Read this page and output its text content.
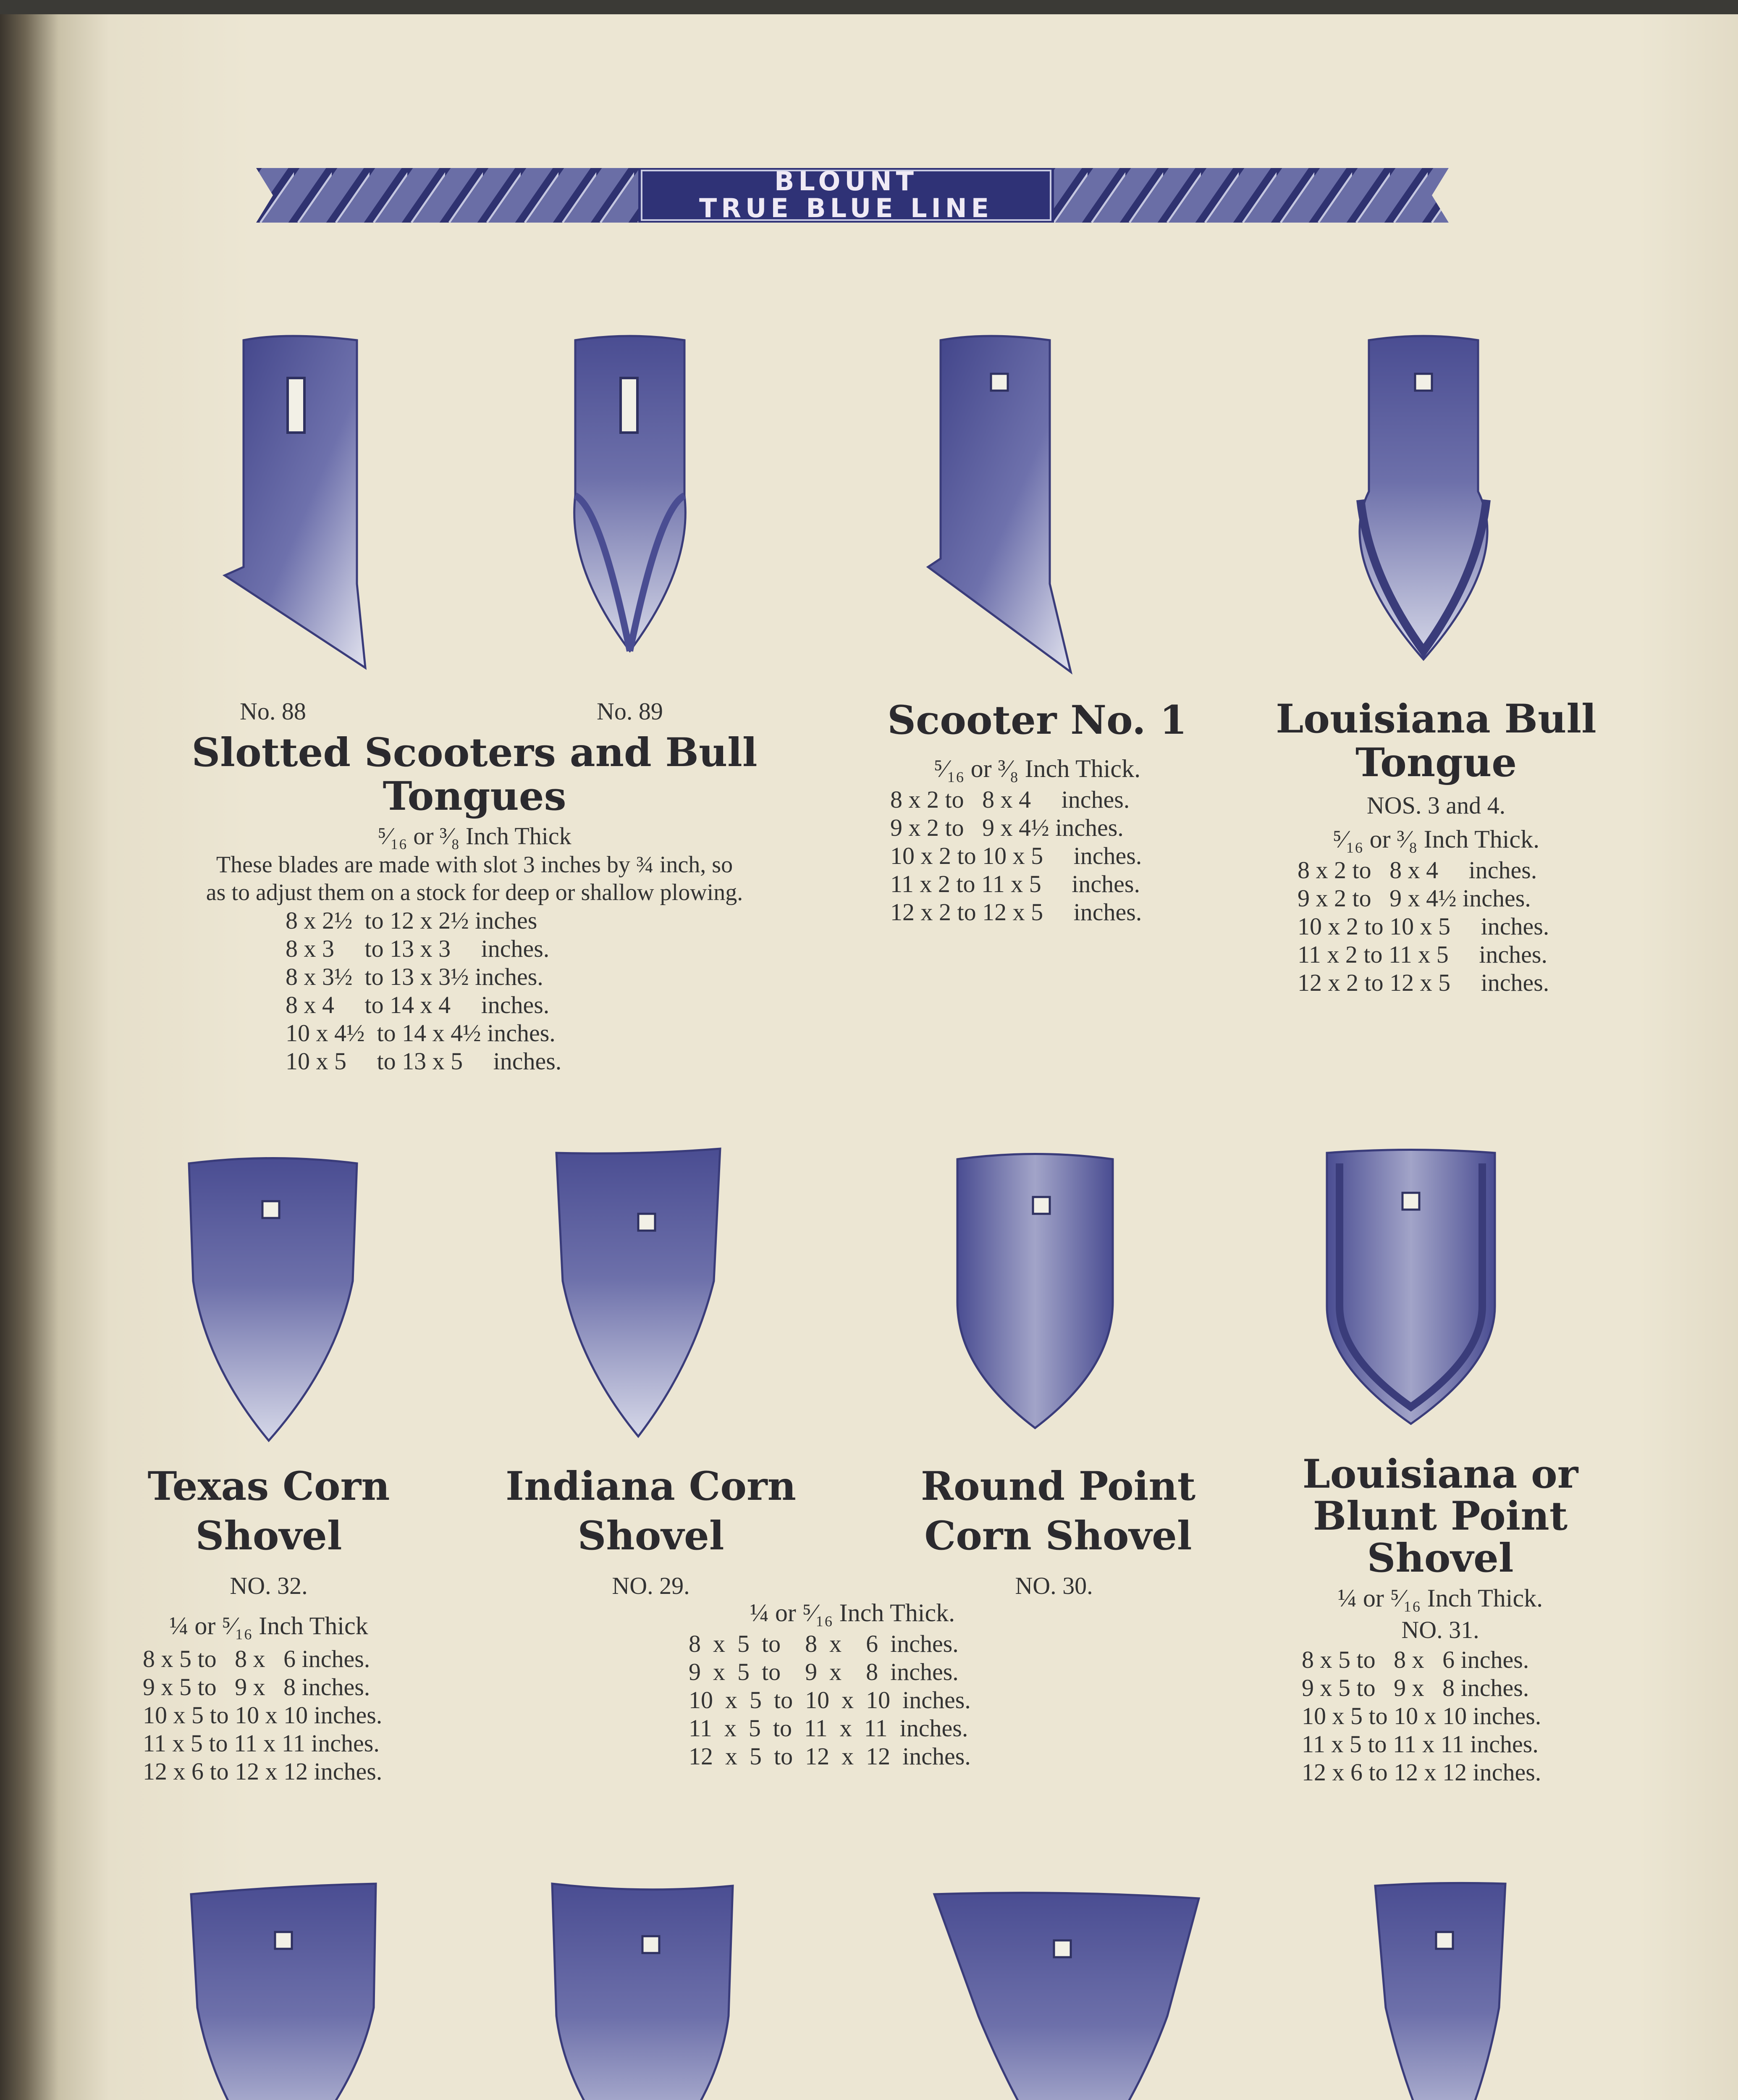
BLOUNT
TRUE BLUE LINE
No. 88	No. 89
Slotted Scooters and Bull
Tongues
⁵⁄₁₆ or ³⁄₈ Inch Thick
These blades are made with slot 3 inches by ¾ inch, so
as to adjust them on a stock for deep or shallow plowing.
8 x 2½  to 12 x 2½ inches
8 x 3     to 13 x 3     inches.
8 x 3½  to 13 x 3½ inches.
8 x 4     to 14 x 4     inches.
10 x 4½  to 14 x 4½ inches.
10 x 5     to 13 x 5     inches.
Scooter No. 1
⁵⁄₁₆ or ³⁄₈ Inch Thick.
8 x 2 to   8 x 4     inches.
9 x 2 to   9 x 4½ inches.
10 x 2 to 10 x 5     inches.
11 x 2 to 11 x 5     inches.
12 x 2 to 12 x 5     inches.
Louisiana Bull
Tongue
NOS. 3 and 4.
⁵⁄₁₆ or ³⁄₈ Inch Thick.
8 x 2 to   8 x 4     inches.
9 x 2 to   9 x 4½ inches.
10 x 2 to 10 x 5     inches.
11 x 2 to 11 x 5     inches.
12 x 2 to 12 x 5     inches.
Texas Corn
Shovel
NO. 32.
¼ or ⁵⁄₁₆ Inch Thick
8 x 5 to   8 x   6 inches.
9 x 5 to   9 x   8 inches.
10 x 5 to 10 x 10 inches.
11 x 5 to 11 x 11 inches.
12 x 6 to 12 x 12 inches.
Indiana Corn
Shovel
NO. 29.
Round Point
Corn Shovel
NO. 30.
¼ or ⁵⁄₁₆ Inch Thick.
8  x  5  to    8  x    6  inches.
9  x  5  to    9  x    8  inches.
10  x  5  to  10  x  10  inches.
11  x  5  to  11  x  11  inches.
12  x  5  to  12  x  12  inches.
Louisiana or
Blunt Point
Shovel
¼ or ⁵⁄₁₆ Inch Thick.
NO. 31.
8 x 5 to   8 x   6 inches.
9 x 5 to   9 x   8 inches.
10 x 5 to 10 x 10 inches.
11 x 5 to 11 x 11 inches.
12 x 6 to 12 x 12 inches.
